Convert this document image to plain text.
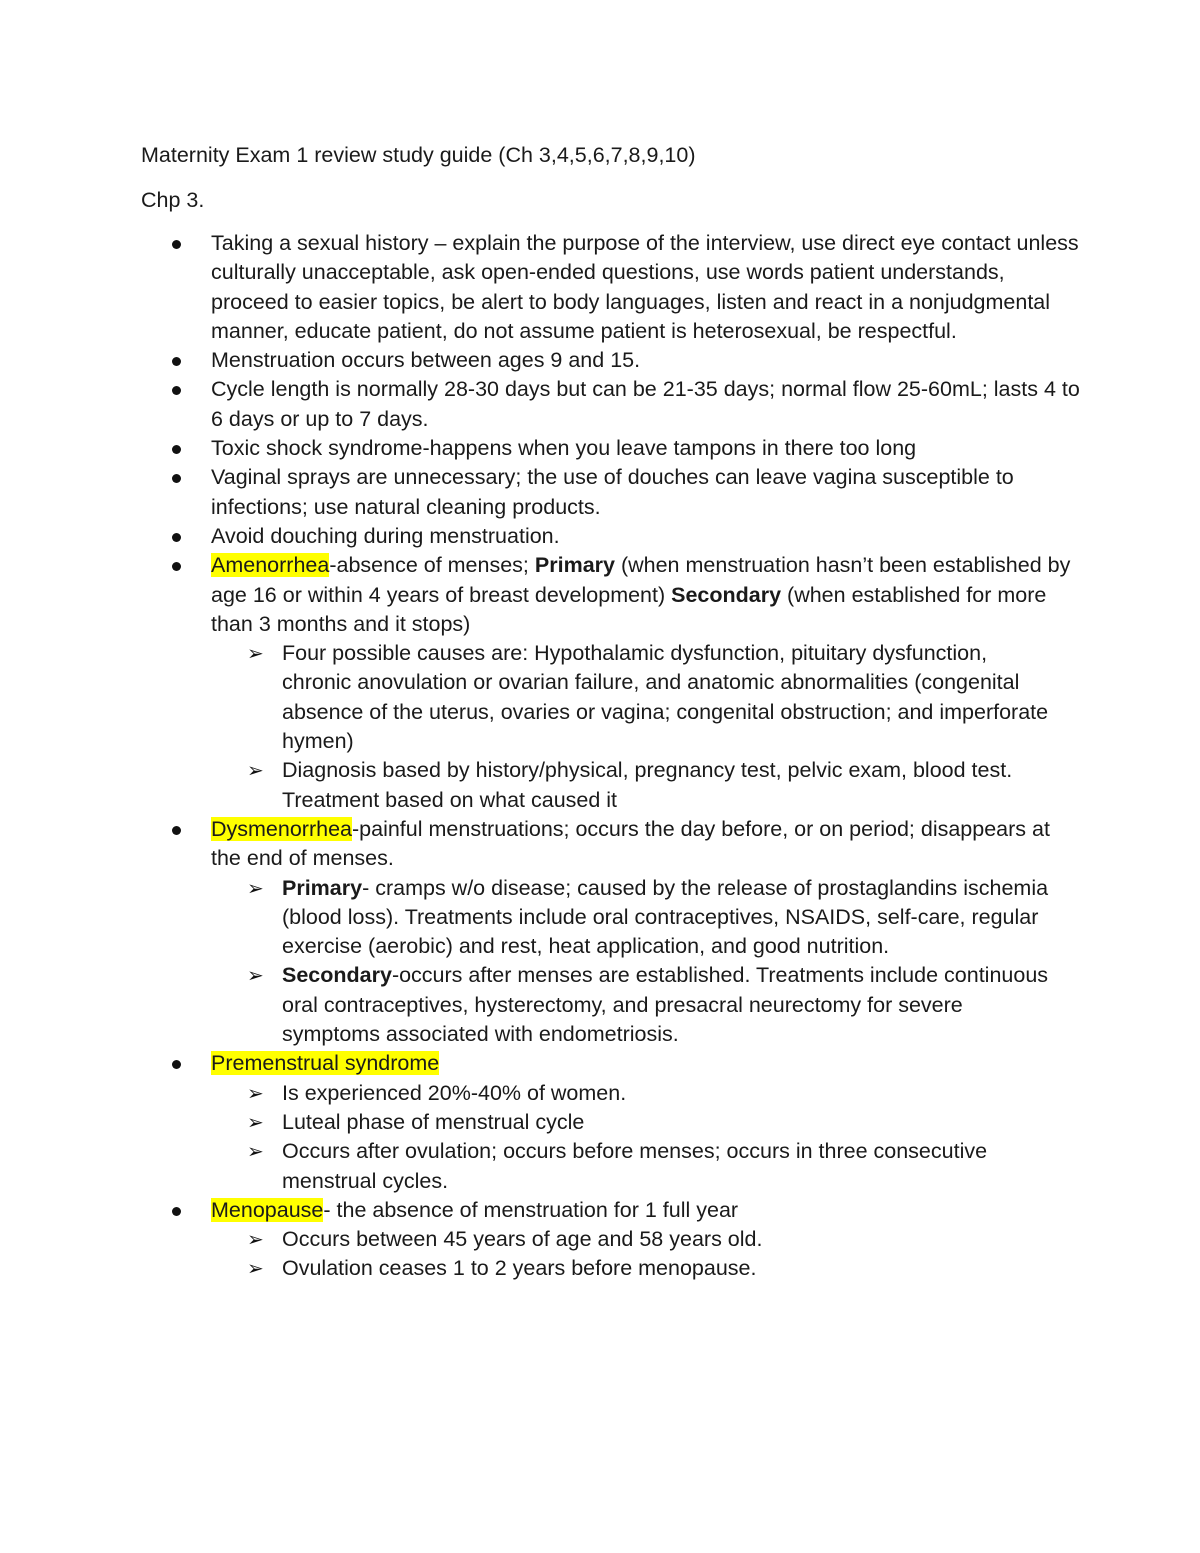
Maternity Exam 1 review study guide (Ch 3,4,5,6,7,8,9,10)
Chp 3.
Taking a sexual history – explain the purpose of the interview, use direct eye contact unless culturally unacceptable, ask open-ended questions, use words patient understands, proceed to easier topics, be alert to body languages, listen and react in a nonjudgmental manner, educate patient, do not assume patient is heterosexual, be respectful.
Menstruation occurs between ages 9 and 15.
Cycle length is normally 28-30 days but can be 21-35 days; normal flow 25-60mL; lasts 4 to 6 days or up to 7 days.
Toxic shock syndrome-happens when you leave tampons in there too long
Vaginal sprays are unnecessary; the use of douches can leave vagina susceptible to infections; use natural cleaning products.
Avoid douching during menstruation.
Amenorrhea-absence of menses; Primary (when menstruation hasn’t been established by age 16 or within 4 years of breast development) Secondary (when established for more than 3 months and it stops)
➢ Four possible causes are: Hypothalamic dysfunction, pituitary dysfunction, chronic anovulation or ovarian failure, and anatomic abnormalities (congenital absence of the uterus, ovaries or vagina; congenital obstruction; and imperforate hymen)
➢ Diagnosis based by history/physical, pregnancy test, pelvic exam, blood test. Treatment based on what caused it
Dysmenorrhea-painful menstruations; occurs the day before, or on period; disappears at the end of menses.
➢ Primary- cramps w/o disease; caused by the release of prostaglandins ischemia (blood loss). Treatments include oral contraceptives, NSAIDS, self-care, regular exercise (aerobic) and rest, heat application, and good nutrition.
➢ Secondary-occurs after menses are established. Treatments include continuous oral contraceptives, hysterectomy, and presacral neurectomy for severe symptoms associated with endometriosis.
Premenstrual syndrome
➢ Is experienced 20%-40% of women.
➢ Luteal phase of menstrual cycle
➢ Occurs after ovulation; occurs before menses; occurs in three consecutive menstrual cycles.
Menopause- the absence of menstruation for 1 full year
➢ Occurs between 45 years of age and 58 years old.
➢ Ovulation ceases 1 to 2 years before menopause.
